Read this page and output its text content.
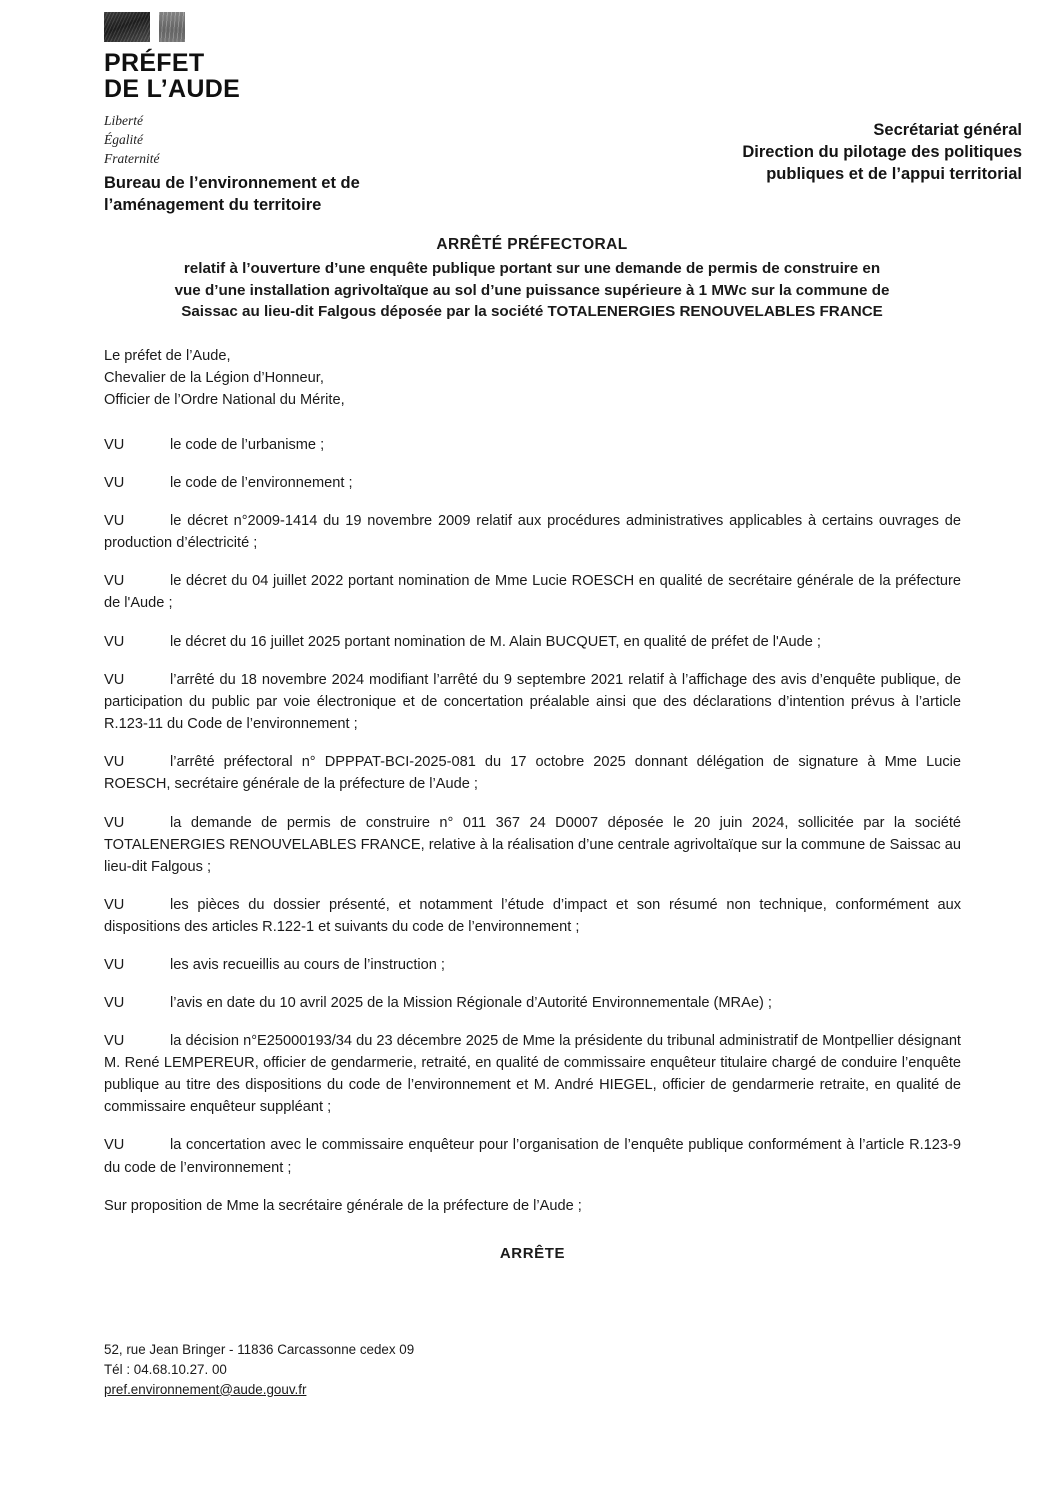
PRÉFET
DE L’AUDE
Liberté
Égalité
Fraternité
Secrétariat général
Direction du pilotage des politiques
publiques et de l’appui territorial
Bureau de l’environnement et de
l’aménagement du territoire
ARRÊTÉ PRÉFECTORAL
relatif à l’ouverture d’une enquête publique portant sur une demande de permis de construire en
vue d’une installation agrivoltaïque au sol d’une puissance supérieure à 1 MWc sur la commune de
Saissac au lieu-dit Falgous déposée par la société TOTALENERGIES RENOUVELABLES FRANCE
Le préfet de l’Aude,
Chevalier de la Légion d’Honneur,
Officier de l’Ordre National du Mérite,

VU	le code de l’urbanisme ;

VU	le code de l’environnement ;

VU	le décret n°2009-1414 du 19 novembre 2009 relatif aux procédures administratives applicables à certains ouvrages de production d’électricité ;

VU	le décret du 04 juillet 2022 portant nomination de Mme Lucie ROESCH en qualité de secrétaire générale de la préfecture de l'Aude ;

VU	le décret du 16 juillet 2025 portant nomination de M. Alain BUCQUET, en qualité de préfet de l'Aude ;

VU	l’arrêté du 18 novembre 2024 modifiant l’arrêté du 9 septembre 2021 relatif à l’affichage des avis d’enquête publique, de participation du public par voie électronique et de concertation préalable ainsi que des déclarations d’intention prévus à l’article R.123-11 du Code de l’environnement ;

VU	l’arrêté préfectoral n° DPPPAT-BCI-2025-081 du 17 octobre 2025 donnant délégation de signature à Mme Lucie ROESCH, secrétaire générale de la préfecture de l’Aude ;

VU	la demande de permis de construire n° 011 367 24 D0007 déposée le 20 juin 2024, sollicitée par la société TOTALENERGIES RENOUVELABLES FRANCE, relative à la réalisation d’une centrale agrivoltaïque sur la commune de Saissac au lieu-dit Falgous ;

VU	les pièces du dossier présenté, et notamment l’étude d’impact et son résumé non technique, conformément aux dispositions des articles R.122-1 et suivants du code de l’environnement ;

VU	les avis recueillis au cours de l’instruction ;

VU	l’avis en date du 10 avril 2025 de la Mission Régionale d’Autorité Environnementale (MRAe) ;

VU	la décision n°E25000193/34 du 23 décembre 2025 de Mme la présidente du tribunal administratif de Montpellier désignant M. René LEMPEREUR, officier de gendarmerie, retraité, en qualité de commissaire enquêteur titulaire chargé de conduire l’enquête publique au titre des dispositions du code de l’environnement et M. André HIEGEL, officier de gendarmerie retraite, en qualité de commissaire enquêteur suppléant ;

VU	la concertation avec le commissaire enquêteur pour l’organisation de l’enquête publique conformément à l’article R.123-9 du code de l’environnement ;

Sur proposition de Mme la secrétaire générale de la préfecture de l’Aude ;

ARRÊTE
52, rue Jean Bringer - 11836 Carcassonne cedex 09
Tél : 04.68.10.27. 00
pref.environnement@aude.gouv.fr
